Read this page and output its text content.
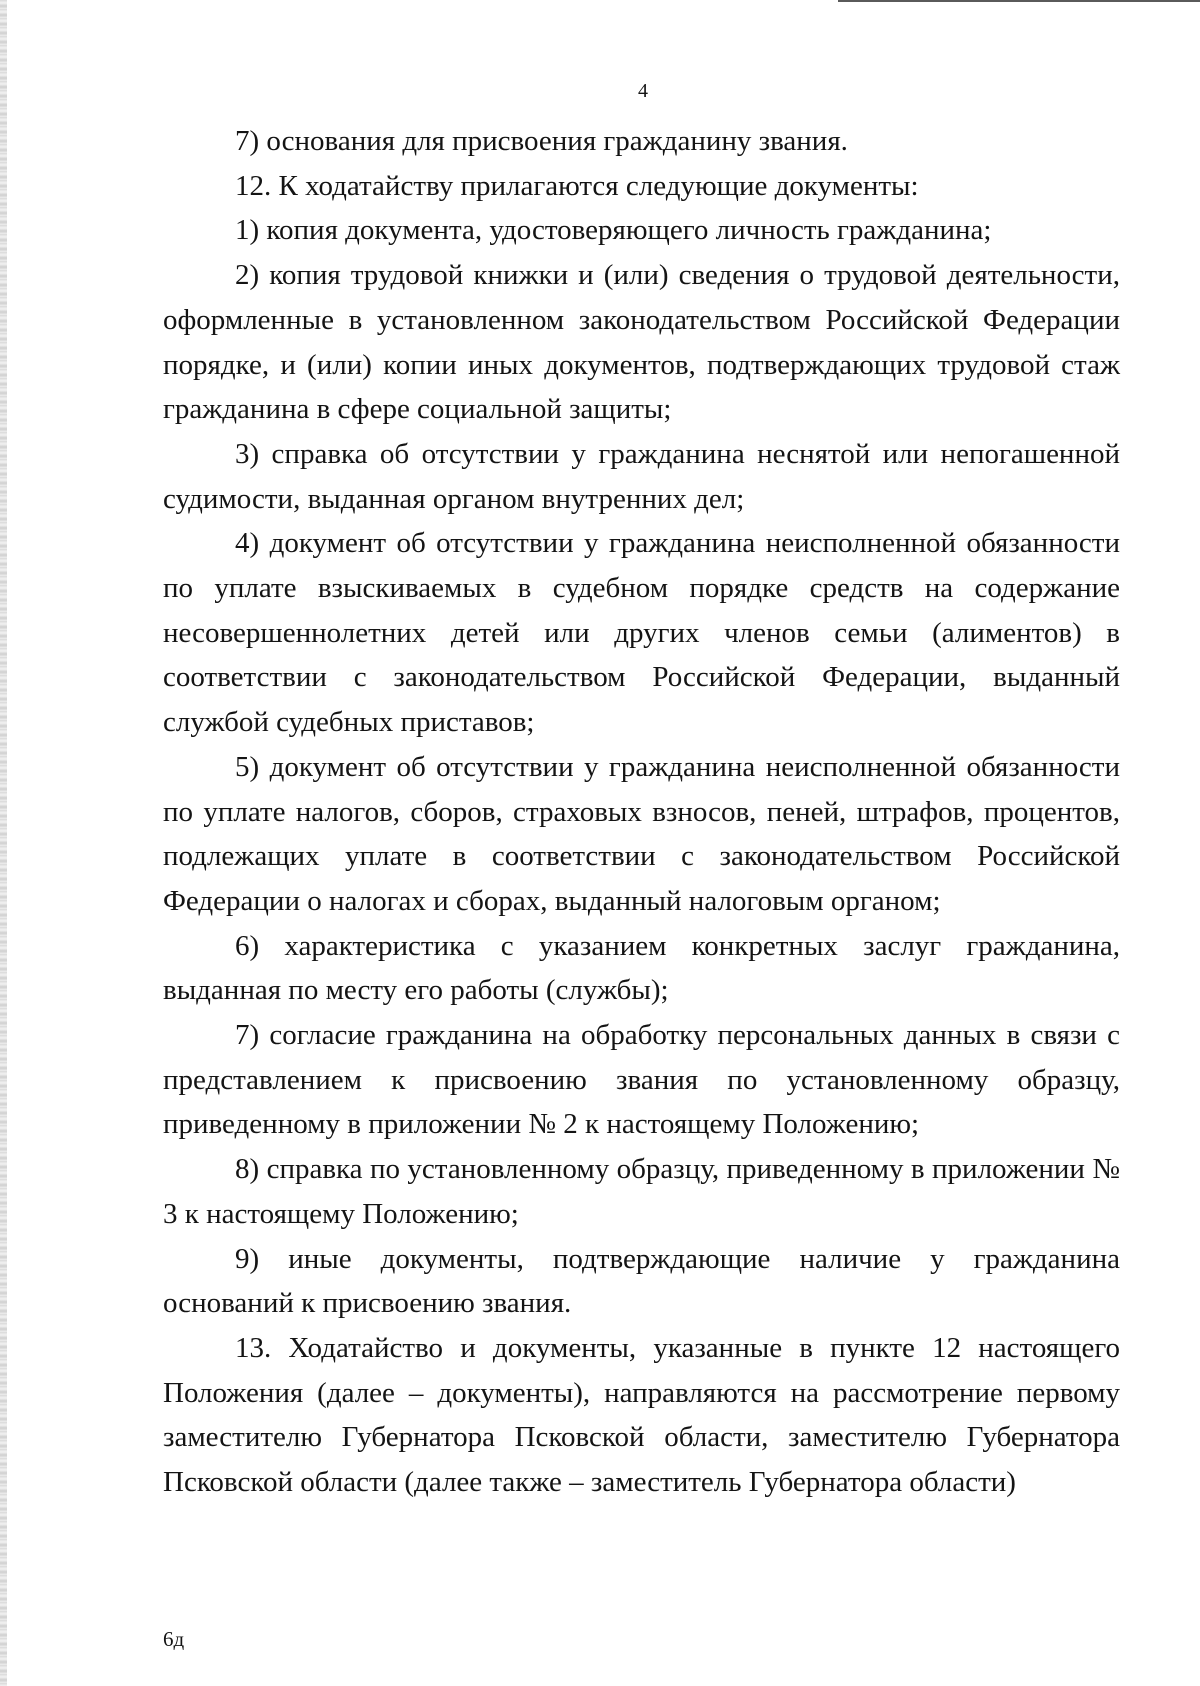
4

7) основания для присвоения гражданину звания.

12. К ходатайству прилагаются следующие документы:

1) копия документа, удостоверяющего личность гражданина;

2) копия трудовой книжки и (или) сведения о трудовой деятельности, оформленные в установленном законодательством Российской Федерации порядке, и (или) копии иных документов, подтверждающих трудовой стаж гражданина в сфере социальной защиты;

3) справка об отсутствии у гражданина неснятой или непогашенной судимости, выданная органом внутренних дел;

4) документ об отсутствии у гражданина неисполненной обязанности по уплате взыскиваемых в судебном порядке средств на содержание несовершеннолетних детей или других членов семьи (алиментов) в соответствии с законодательством Российской Федерации, выданный службой судебных приставов;

5) документ об отсутствии у гражданина неисполненной обязанности по уплате налогов, сборов, страховых взносов, пеней, штрафов, процентов, подлежащих уплате в соответствии с законодательством Российской Федерации о налогах и сборах, выданный налоговым органом;

6) характеристика с указанием конкретных заслуг гражданина, выданная по месту его работы (службы);

7) согласие гражданина на обработку персональных данных в связи с представлением к присвоению звания по установленному образцу, приведенному в приложении № 2 к настоящему Положению;

8) справка по установленному образцу, приведенному в приложении № 3 к настоящему Положению;

9) иные документы, подтверждающие наличие у гражданина оснований к присвоению звания.

13. Ходатайство и документы, указанные в пункте 12 настоящего Положения (далее – документы), направляются на рассмотрение первому заместителю Губернатора Псковской области, заместителю Губернатора Псковской области (далее также – заместитель Губернатора области)

6д
